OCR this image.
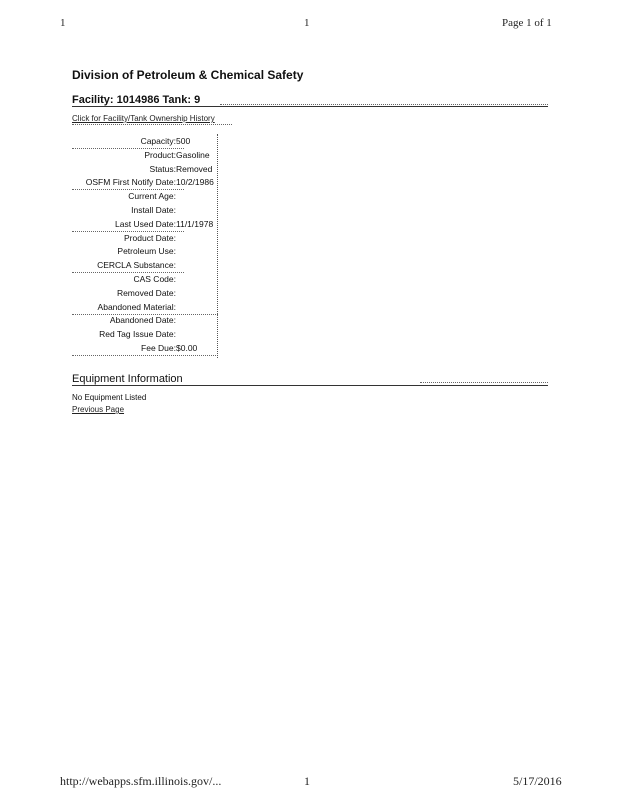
1	1	Page 1 of 1
Division of Petroleum & Chemical Safety
Facility: 1014986 Tank: 9
Click for Facility/Tank Ownership History
Capacity: 500
Product: Gasoline
Status: Removed
OSFM First Notify Date: 10/2/1986
Current Age:
Install Date:
Last Used Date: 11/1/1978
Product Date:
Petroleum Use:
CERCLA Substance:
CAS Code:
Removed Date:
Abandoned Material:
Abandoned Date:
Red Tag Issue Date:
Fee Due: $0.00
Equipment Information
No Equipment Listed
Previous Page
http://webapps.sfm.illinois.gov/...	1	5/17/2016
